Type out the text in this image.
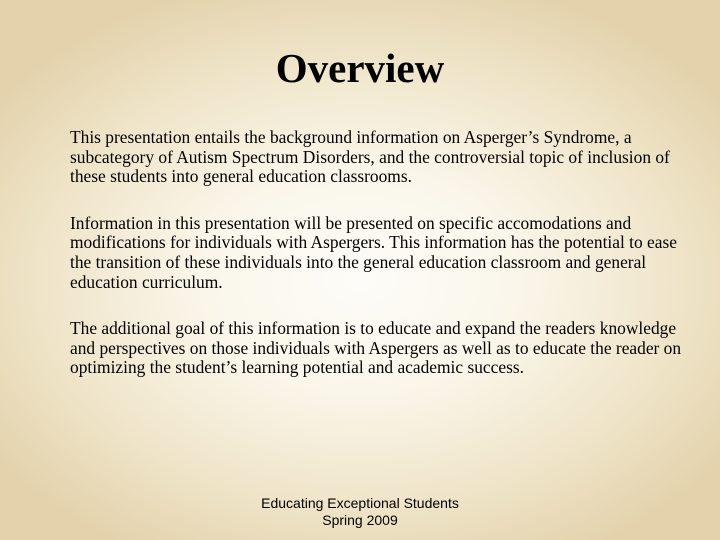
Overview

This presentation entails the background information on Asperger’s Syndrome, a subcategory of Autism Spectrum Disorders, and the controversial topic of inclusion of these students into general education classrooms.

Information in this presentation will be presented on specific accomodations and modifications for individuals with Aspergers. This information has the potential to ease the transition of these individuals into the general education classroom and general education curriculum.

The additional goal of this information is to educate and expand the readers knowledge and perspectives on those individuals with Aspergers as well as to educate the reader on optimizing the student’s learning potential and academic success.

Educating Exceptional Students
Spring 2009
